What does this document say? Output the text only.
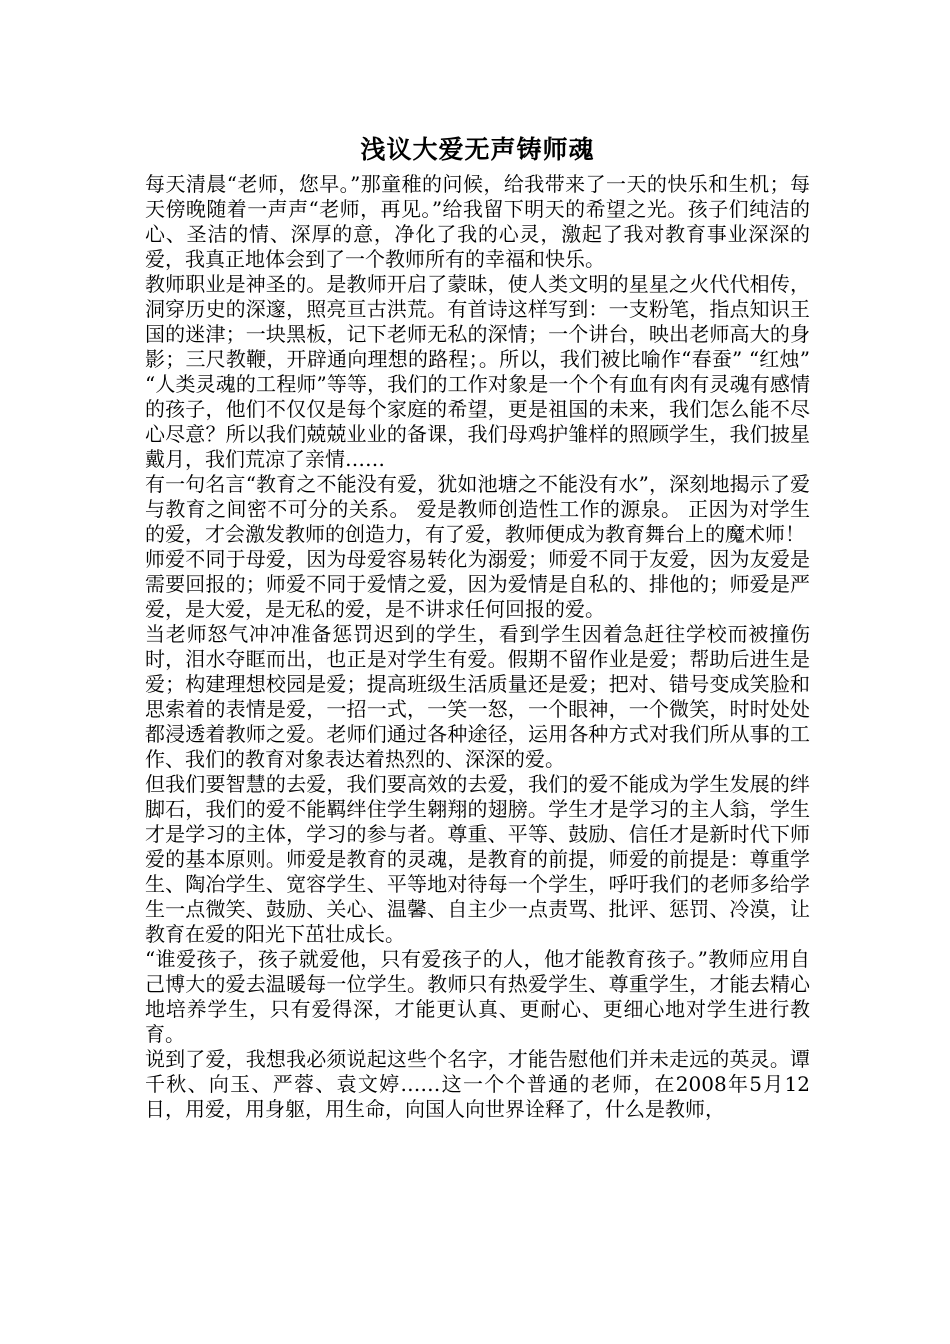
浅议大爱无声铸师魂

每天清晨“老师，您早。”那童稚的问候，给我带来了一天的快乐和生机；每天傍晚随着一声声“老师，再见。”给我留下明天的希望之光。孩子们纯洁的心、圣洁的情、深厚的意，净化了我的心灵，激起了我对教育事业深深的爱，我真正地体会到了一个教师所有的幸福和快乐。

教师职业是神圣的。是教师开启了蒙昧，使人类文明的星星之火代代相传，洞穿历史的深邃，照亮亘古洪荒。有首诗这样写到：一支粉笔，指点知识王国的迷津；一块黑板，记下老师无私的深情；一个讲台，映出老师高大的身影；三尺教鞭，开辟通向理想的路程；。所以，我们被比喻作“春蚕” “红烛” “人类灵魂的工程师”等等，我们的工作对象是一个个有血有肉有灵魂有感情的孩子，他们不仅仅是每个家庭的希望，更是祖国的未来，我们怎么能不尽心尽意？所以我们兢兢业业的备课，我们母鸡护雏样的照顾学生，我们披星戴月，我们荒凉了亲情……

有一句名言“教育之不能没有爱，犹如池塘之不能没有水”，深刻地揭示了爱与教育之间密不可分的关系。 爱是教师创造性工作的源泉。 正因为对学生的爱，才会激发教师的创造力，有了爱，教师便成为教育舞台上的魔术师！

师爱不同于母爱，因为母爱容易转化为溺爱；师爱不同于友爱，因为友爱是需要回报的；师爱不同于爱情之爱，因为爱情是自私的、排他的；师爱是严爱，是大爱，是无私的爱，是不讲求任何回报的爱。

当老师怒气冲冲准备惩罚迟到的学生，看到学生因着急赶往学校而被撞伤时，泪水夺眶而出，也正是对学生有爱。假期不留作业是爱；帮助后进生是爱；构建理想校园是爱；提高班级生活质量还是爱；把对、错号变成笑脸和思索着的表情是爱，一招一式，一笑一怒，一个眼神，一个微笑，时时处处都浸透着教师之爱。老师们通过各种途径，运用各种方式对我们所从事的工作、我们的教育对象表达着热烈的、深深的爱。

但我们要智慧的去爱，我们要高效的去爱，我们的爱不能成为学生发展的绊脚石，我们的爱不能羁绊住学生翱翔的翅膀。学生才是学习的主人翁，学生才是学习的主体，学习的参与者。尊重、平等、鼓励、信任才是新时代下师爱的基本原则。师爱是教育的灵魂，是教育的前提，师爱的前提是：尊重学生、陶冶学生、宽容学生、平等地对待每一个学生，呼吁我们的老师多给学生一点微笑、鼓励、关心、温馨、自主少一点责骂、批评、惩罚、冷漠，让教育在爱的阳光下茁壮成长。

“谁爱孩子，孩子就爱他，只有爱孩子的人，他才能教育孩子。”教师应用自己博大的爱去温暖每一位学生。教师只有热爱学生、尊重学生，才能去精心地培养学生，只有爱得深，才能更认真、更耐心、更细心地对学生进行教育。

说到了爱，我想我必须说起这些个名字，才能告慰他们并未走远的英灵。谭千秋、向玉、严蓉、袁文婷……这一个个普通的老师，在2008年5月12日，用爱，用身躯，用生命，向国人向世界诠释了，什么是教师，
